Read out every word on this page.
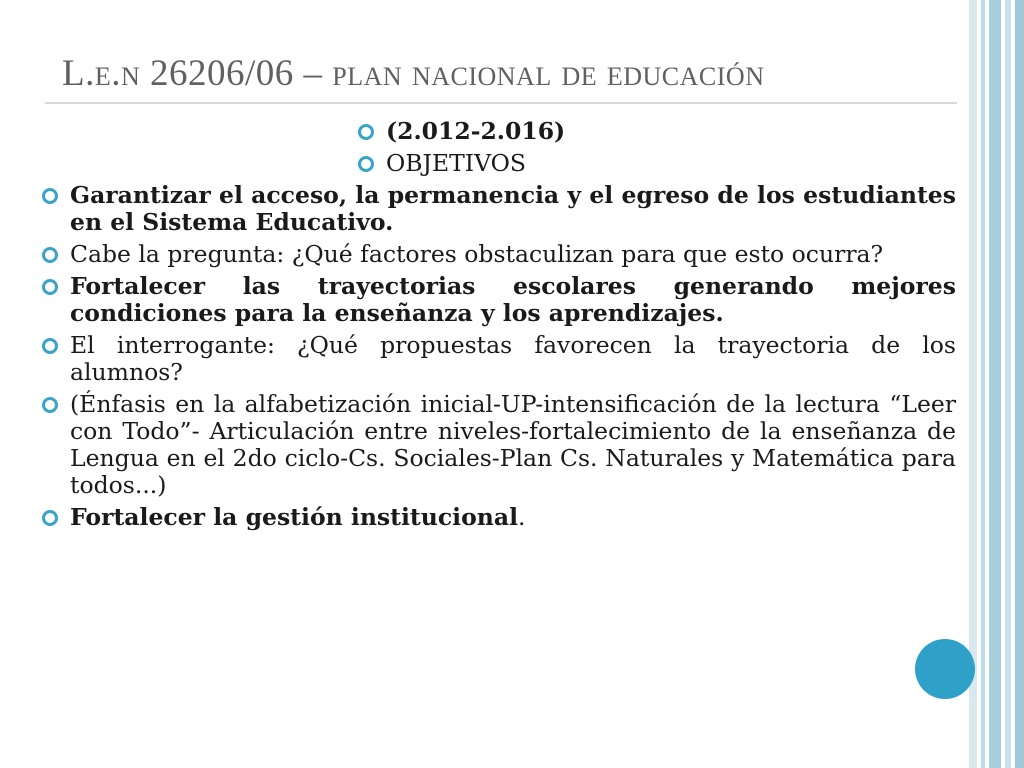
L.e.n 26206/06 – plan nacional de educación
(2.012-2.016)
OBJETIVOS
Garantizar el acceso, la permanencia y el egreso de los estudiantes en el Sistema Educativo.
Cabe la pregunta: ¿Qué factores obstaculizan para que esto ocurra?
Fortalecer las trayectorias escolares generando mejores condiciones para la enseñanza y los aprendizajes.
El interrogante: ¿Qué propuestas favorecen la trayectoria de los alumnos?
(Énfasis en la alfabetización inicial-UP-intensificación de la lectura “Leer con Todo”- Articulación entre niveles-fortalecimiento de la enseñanza de Lengua en el 2do ciclo-Cs. Sociales-Plan Cs. Naturales y Matemática para todos...)
Fortalecer la gestión institucional.
